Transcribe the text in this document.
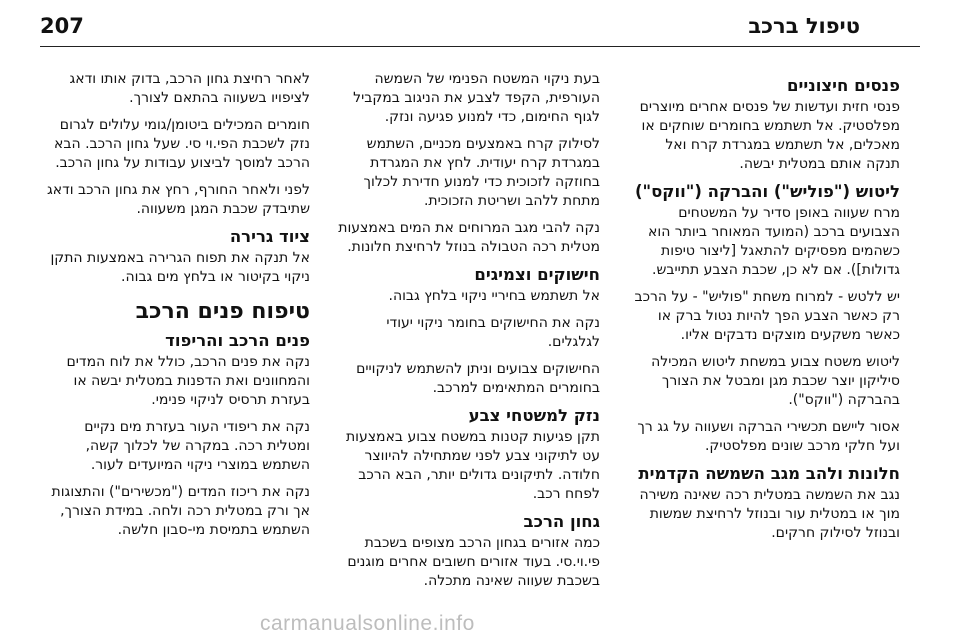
207	טיפול ברכב
פנסים חיצוניים

פנסי חזית ועדשות של פנסים אחרים מיוצרים מפלסטיק. אל תשתמש בחומרים שוחקים או מאכלים, אל תשתמש במגרדת קרח ואל תנקה אותם במטלית יבשה.

ליטוש ("פוליש") והברקה ("ווקס")

מרח שעווה באופן סדיר על המשטחים הצבועים ברכב (המועד המאוחר ביותר הוא כשהמים מפסיקים להתאגל [ליצור טיפות גדולות]). אם לא כן, שכבת הצבע תתייבש.

יש ללטש - למרוח משחת "פוליש" - על הרכב רק כאשר הצבע הפך להיות נטול ברק או כאשר משקעים מוצקים נדבקים אליו.

ליטוש משטח צבוע במשחת ליטוש המכילה סיליקון יוצר שכבת מגן ומבטל את הצורך בהברקה ("ווקס").

אסור ליישם תכשירי הברקה ושעווה על גג רך ועל חלקי מרכב שונים מפלסטיק.

חלונות ולהב מגב השמשה הקדמית

נגב את השמשה במטלית רכה שאינה משירה מוך או במטלית עור ובנוזל לרחיצת שמשות ובנוזל לסילוק חרקים.

בעת ניקוי המשטח הפנימי של השמשה העורפית, הקפד לצבע את הניגוב במקביל לגוף החימום, כדי למנוע פגיעה ונזק.

לסילוק קרח באמצעים מכניים, השתמש במגרדת קרח יעודית. לחץ את המגרדת בחוזקה לזכוכית כדי למנוע חדירת לכלוך מתחת ללהב ושריטת הזכוכית.

נקה להבי מגב המרוחים את המים באמצעות מטלית רכה הטבולה בנוזל לרחיצת חלונות.

חישוקים וצמיגים

אל תשתמש בחיריי ניקוי בלחץ גבוה.

נקה את החישוקים בחומר ניקוי יעודי לגלגלים.

החישוקים צבועים וניתן להשתמש לניקויים בחומרים המתאימים למרכב.

נזק למשטחי צבע

תקן פגיעות קטנות במשטח צבוע באמצעות עט לתיקוני צבע לפני שמתחילה להיווצר חלודה. לתיקונים גדולים יותר, הבא הרכב לפחח רכב.

גחון הרכב

כמה אזורים בגחון הרכב מצופים בשכבת פי.וי.סי. בעוד אזורים חשובים אחרים מוגנים בשכבת שעווה שאינה מתכלה.

לאחר רחיצת גחון הרכב, בדוק אותו ודאג לציפויו בשעווה בהתאם לצורך.

חומרים המכילים ביטומן/גומי עלולים לגרום נזק לשכבת הפי.וי סי. שעל גחון הרכב. הבא הרכב למוסך לביצוע עבודות על גחון הרכב.

לפני ולאחר החורף, רחץ את גחון הרכב ודאג שתיבדק שכבת המגן משעווה.

ציוד גרירה

אל תנקה את תפוח הגרירה באמצעות התקן ניקוי בקיטור או בלחץ מים גבוה.

טיפוח פנים הרכב
פנים הרכב והריפוד

נקה את פנים הרכב, כולל את לוח המדים והמחוונים ואת הדפנות במטלית יבשה או בעזרת תרסיס לניקוי פנימי.

נקה את ריפודי העור בעזרת מים נקיים ומטלית רכה. במקרה של לכלוך קשה, השתמש במוצרי ניקוי המיועדים לעור.

נקה את ריכוז המדים ("מכשירים") והתצוגות אך ורק במטלית רכה ולחה. במידת הצורך, השתמש בתמיסת מי-סבון חלשה.

carmanualsonline.info
